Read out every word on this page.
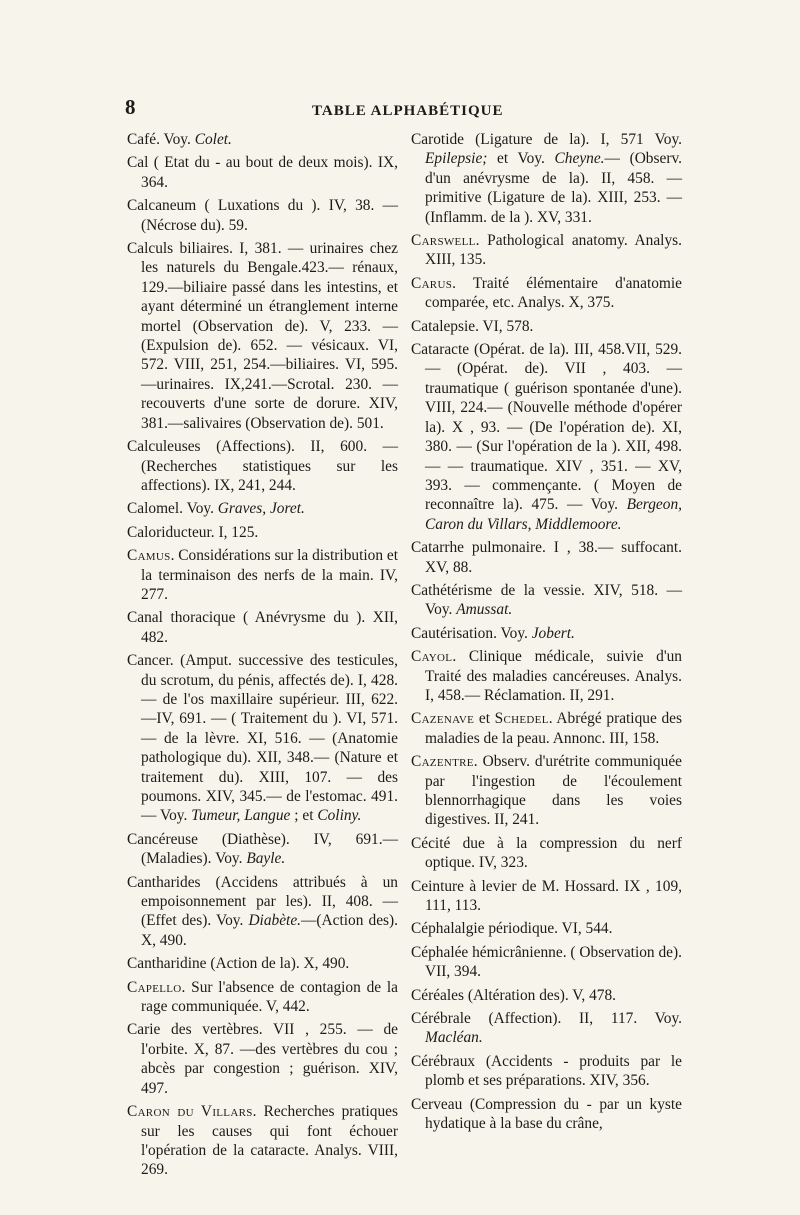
8	TABLE ALPHABÉTIQUE

Café. Voy. Colet.

Cal ( Etat du - au bout de deux mois). IX, 364.

Calcaneum ( Luxations du ). IV, 38. —(Nécrose du). 59.

Calculs biliaires. I, 381. — urinaires chez les naturels du Bengale.423.— rénaux, 129.—biliaire passé dans les intestins, et ayant déterminé un étranglement interne mortel (Observation de). V, 233. — (Expulsion de). 652. — vésicaux. VI, 572. VIII, 251, 254.—biliaires. VI, 595.—urinaires. IX,241.—Scrotal. 230. — recouverts d'une sorte de dorure. XIV, 381.—salivaires (Observation de). 501.

Calculeuses (Affections). II, 600. — (Recherches statistiques sur les affections). IX, 241, 244.

Calomel. Voy. Graves, Joret.

Caloriducteur. I, 125.

Camus. Considérations sur la distribution et la terminaison des nerfs de la main. IV, 277.

Canal thoracique ( Anévrysme du ). XII, 482.

Cancer. (Amput. successive des testicules, du scrotum, du pénis, affectés de). I, 428. — de l'os maxillaire supérieur. III, 622. —IV, 691. — ( Traitement du ). VI, 571. — de la lèvre. XI, 516. — (Anatomie pathologique du). XII, 348.— (Nature et traitement du). XIII, 107. — des poumons. XIV, 345.— de l'estomac. 491. — Voy. Tumeur, Langue ; et Coliny.

Cancéreuse (Diathèse). IV, 691.— (Maladies). Voy. Bayle.

Cantharides (Accidens attribués à un empoisonnement par les). II, 408. —(Effet des). Voy. Diabète.—(Action des). X, 490.

Cantharidine (Action de la). X, 490.

Capello. Sur l'absence de contagion de la rage communiquée. V, 442.

Carie des vertèbres. VII , 255. — de l'orbite. X, 87. —des vertèbres du cou ; abcès par congestion ; guérison. XIV, 497.

Caron du Villars. Recherches pratiques sur les causes qui font échouer l'opération de la cataracte. Analys. VIII, 269.

Carotide (Ligature de la). I, 571 Voy. Epilepsie; et Voy. Cheyne.— (Observ. d'un anévrysme de la). II, 458. — primitive (Ligature de la). XIII, 253. — (Inflamm. de la ). XV, 331.

Carswell. Pathological anatomy. Analys. XIII, 135.

Carus. Traité élémentaire d'anatomie comparée, etc. Analys. X, 375.

Catalepsie. VI, 578.

Cataracte (Opérat. de la). III, 458.VII, 529. — (Opérat. de). VII , 403. — traumatique ( guérison spontanée d'une). VIII, 224.— (Nouvelle méthode d'opérer la). X , 93. — (De l'opération de). XI, 380. — (Sur l'opération de la ). XII, 498. — — traumatique. XIV , 351. — XV, 393. — commençante. ( Moyen de reconnaître la). 475. — Voy. Bergeon, Caron du Villars, Middlemoore.

Catarrhe pulmonaire. I , 38.— suffocant. XV, 88.

Cathétérisme de la vessie. XIV, 518. — Voy. Amussat.

Cautérisation. Voy. Jobert.

Cayol. Clinique médicale, suivie d'un Traité des maladies cancéreuses. Analys. I, 458.— Réclamation. II, 291.

Cazenave et Schedel. Abrégé pratique des maladies de la peau. Annonc. III, 158.

Cazentre. Observ. d'urétrite communiquée par l'ingestion de l'écoulement blennorrhagique dans les voies digestives. II, 241.

Cécité due à la compression du nerf optique. IV, 323.

Ceinture à levier de M. Hossard. IX , 109, 111, 113.

Céphalalgie périodique. VI, 544.

Céphalée hémicrânienne. ( Observation de). VII, 394.

Céréales (Altération des). V, 478.

Cérébrale (Affection). II, 117. Voy. Macléan.

Cérébraux (Accidents - produits par le plomb et ses préparations. XIV, 356.

Cerveau (Compression du - par un kyste hydatique à la base du crâne,
